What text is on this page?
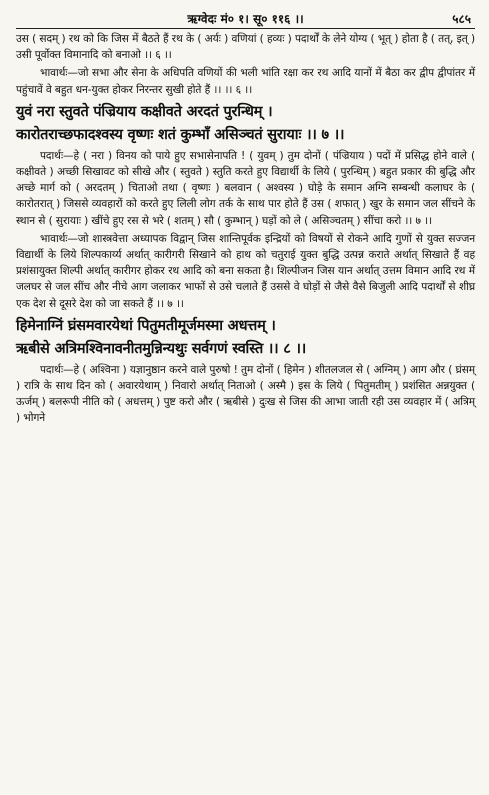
ऋग्वेदः मं० १। सू० ११६ ।।	५८५

उस ( सदम् ) रथ को कि जिस में बैठते हैं रथ के ( अर्यः ) वणियां ( हव्यः ) पदार्थों के लेने योग्य ( भूत् ) होता है ( तत्, इत् ) उसी पूर्वोक्त विमानादि को बनाओ ।। ६ ।।

भावार्थः—जो सभा और सेना के अधिपति वणियों की भली भांति रक्षा कर रथ आदि यानों में बैठा कर द्वीप द्वीपांतर में पहुंचावें वे बहुत धन-युक्त होकर निरन्तर सुखी होते हैं ।। ।। ६ ।।

युवं नरा स्तुवते पंज्रियाय कक्षीवते अरदतं पुरन्धिम् ।
कारोतराच्छफादश्वस्य वृष्णः शतं कुम्भाँ असिञ्चतं सुरायाः ।। ७ ।।

पदार्थः—हे ( नरा ) विनय को पाये हुए सभासेनापति ! ( युवम् ) तुम दोनों ( पंज्रियाय ) पदों में प्रसिद्ध होने वाले ( कक्षीवते ) अच्छी सिखावट को सीखे और ( स्तुवते ) स्तुति करते हुए विद्यार्थी के लिये ( पुरन्धिम् ) बहुत प्रकार की बुद्धि और अच्छे मार्ग को ( अरदतम् ) चिताओ तथा ( वृष्णः ) बलवान ( अश्वस्य ) घोड़े के समान अग्नि सम्बन्धी कलाघर के ( कारोतरात् ) जिससे व्यवहारों को करते हुए लिली लोग तर्क के साथ पार होते हैं उस ( शफात् ) खुर के समान जल सींचने के स्थान से ( सुरायाः ) खींचे हुए रस से भरे ( शतम् ) सौ ( कुम्भान् ) घड़ों को ले ( असिञ्चतम् ) सींचा करो ।। ७ ।।

भावार्थः—जो शास्त्रवेत्ता अध्यापक विद्वान् जिस शान्तिपूर्वक इन्द्रियों को विषयों से रोकने आदि गुणों से युक्त सज्जन विद्यार्थी के लिये शिल्पकार्य्य अर्थात् कारीगरी सिखाने को हाथ को चतुराई युक्त बुद्धि उत्पन्न कराते अर्थात् सिखाते हैं वह प्रशंसायुक्त शिल्पी अर्थात् कारीगर होकर रथ आदि को बना सकता है। शिल्पीजन जिस यान अर्थात् उत्तम विमान आदि रथ में जलघर से जल सींच और नीचे आग जलाकर भाफों से उसे चलाते हैं उससे वे घोड़ों से जैसे वैसे बिजुली आदि पदार्थों से शीघ्र एक देश से दूसरे देश को जा सकते हैं ।। ७ ।।

हिमेनाग्निं घ्रंसमवारयेथां पितुमतीमूर्जमस्मा अधत्तम् ।
ऋबीसे अत्रिमश्विनावनीतमुन्निन्यथुः सर्वगणं स्वस्ति ।। ८ ।।

पदार्थः—हे ( अश्विना ) यज्ञानुष्ठान करने वाले पुरुषो ! तुम दोनों ( हिमेन ) शीतलजल से ( अग्निम् ) आग और ( घ्रंसम् ) रात्रि के साथ दिन को ( अवारयेथाम् ) निवारो अर्थात् निताओ ( अस्मै ) इस के लिये ( पितुमतीम् ) प्रशंसित अन्नयुक्त ( ऊर्जम् ) बलरूपी नीति को ( अधत्तम् ) पुष्ट करो और ( ऋबीसे ) दुःख से जिस की आभा जाती रही उस व्यवहार में ( अत्रिम् ) भोगने
